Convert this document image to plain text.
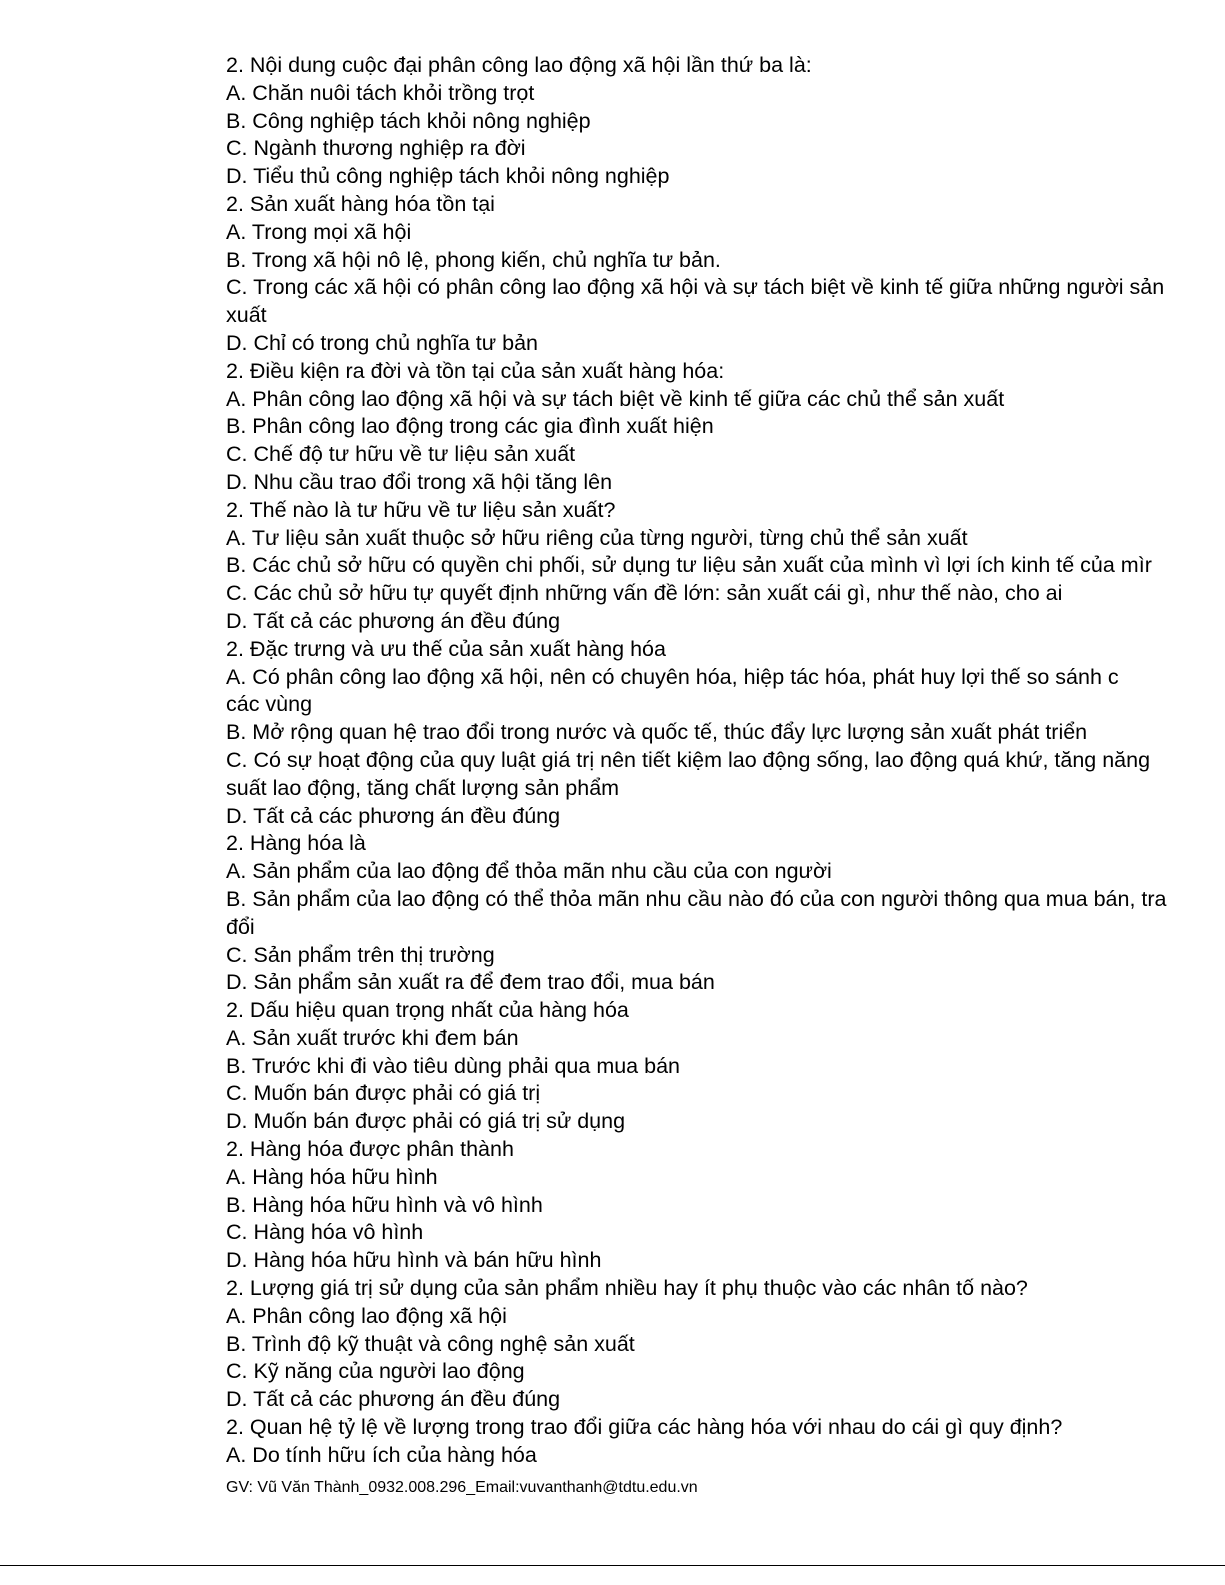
2. Nội dung cuộc đại phân công lao động xã hội lần thứ ba là:
A. Chăn nuôi tách khỏi trồng trọt
B. Công nghiệp tách khỏi nông nghiệp
C. Ngành thương nghiệp ra đời
D. Tiểu thủ công nghiệp tách khỏi nông nghiệp
2. Sản xuất hàng hóa tồn tại
A. Trong mọi xã hội
B. Trong xã hội nô lệ, phong kiến, chủ nghĩa tư bản.
C. Trong các xã hội có phân công lao động xã hội và sự tách biệt về kinh tế giữa những người sản xuất
D. Chỉ có trong chủ nghĩa tư bản
2. Điều kiện ra đời và tồn tại của sản xuất hàng hóa:
A. Phân công lao động xã hội và sự tách biệt về kinh tế giữa các chủ thể sản xuất
B. Phân công lao động trong các gia đình xuất hiện
C. Chế độ tư hữu về tư liệu sản xuất
D. Nhu cầu trao đổi trong xã hội tăng lên
2. Thế nào là tư hữu về tư liệu sản xuất?
A. Tư liệu sản xuất thuộc sở hữu riêng của từng người, từng chủ thể sản xuất
B. Các chủ sở hữu có quyền chi phối, sử dụng tư liệu sản xuất của mình vì lợi ích kinh tế của mìr
C. Các chủ sở hữu tự quyết định những vấn đề lớn: sản xuất cái gì, như thế nào, cho ai
D. Tất cả các phương án đều đúng
2. Đặc trưng và ưu thế của sản xuất hàng hóa
A. Có phân công lao động xã hội, nên có chuyên hóa, hiệp tác hóa, phát huy lợi thế so sánh c
các vùng
B. Mở rộng quan hệ trao đổi trong nước và quốc tế, thúc đẩy lực lượng sản xuất phát triển
C. Có sự hoạt động của quy luật giá trị nên tiết kiệm lao động sống, lao động quá khứ, tăng năng suất lao động, tăng chất lượng sản phẩm
D. Tất cả các phương án đều đúng
2. Hàng hóa là
A. Sản phẩm của lao động để thỏa mãn nhu cầu của con người
B. Sản phẩm của lao động có thể thỏa mãn nhu cầu nào đó của con người thông qua mua bán, tra
đổi
C. Sản phẩm trên thị trường
D. Sản phẩm sản xuất ra để đem trao đổi, mua bán
2. Dấu hiệu quan trọng nhất của hàng hóa
A. Sản xuất trước khi đem bán
B. Trước khi đi vào tiêu dùng phải qua mua bán
C. Muốn bán được phải có giá trị
D. Muốn bán được phải có giá trị sử dụng
2. Hàng hóa được phân thành
A. Hàng hóa hữu hình
B. Hàng hóa hữu hình và vô hình
C. Hàng hóa vô hình
D. Hàng hóa hữu hình và bán hữu hình
2. Lượng giá trị sử dụng của sản phẩm nhiều hay ít phụ thuộc vào các nhân tố nào?
A. Phân công lao động xã hội
B. Trình độ kỹ thuật và công nghệ sản xuất
C. Kỹ năng của người lao động
D. Tất cả các phương án đều đúng
2. Quan hệ tỷ lệ về lượng trong trao đổi giữa các hàng hóa với nhau do cái gì quy định?
A. Do tính hữu ích của hàng hóa
GV: Vũ Văn Thành_0932.008.296_Email:vuvanthanh@tdtu.edu.vn
